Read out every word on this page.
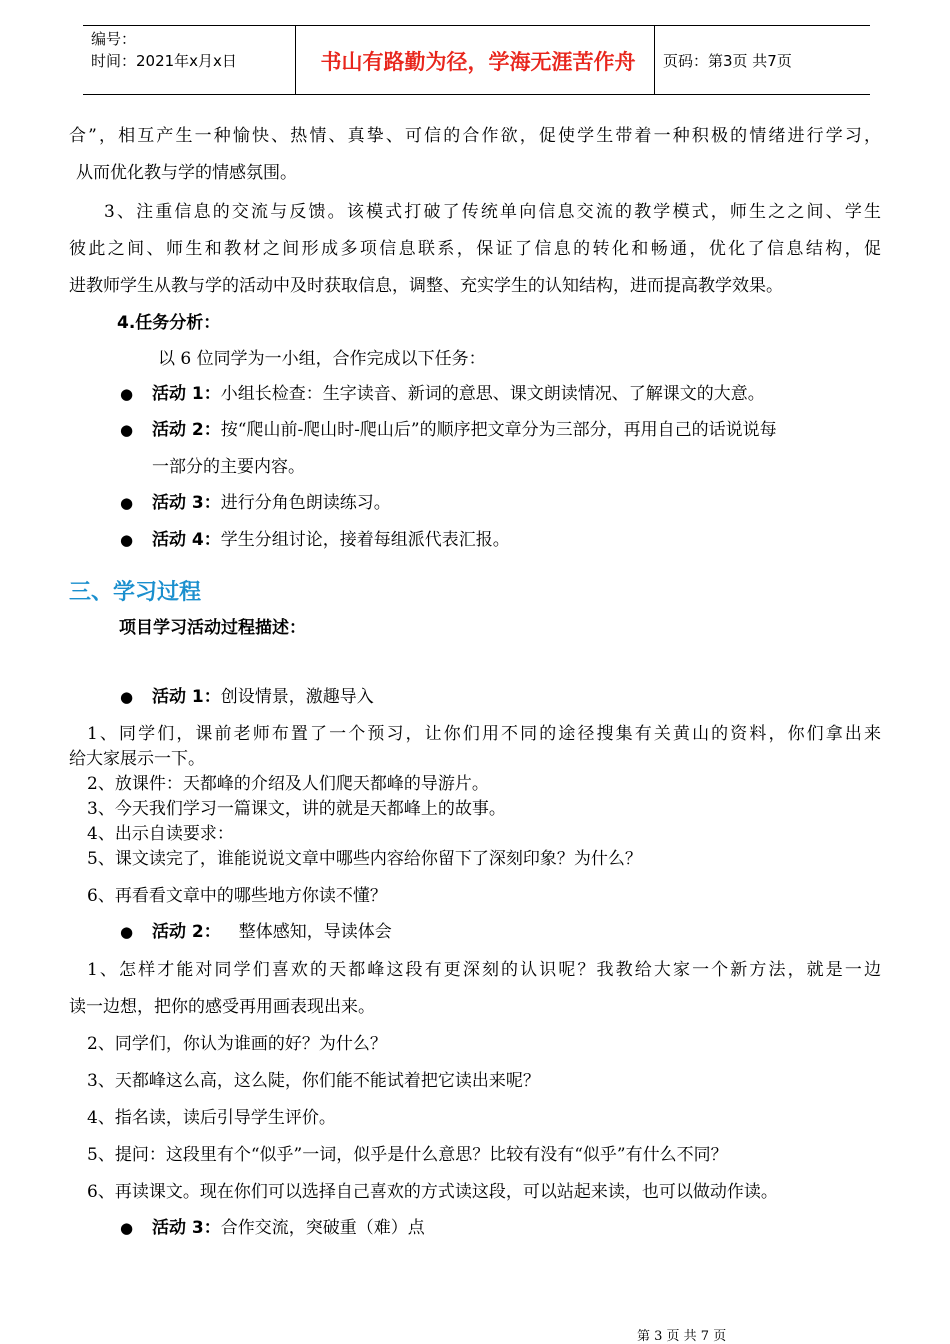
编号：
时间：2021年x月x日	书山有路勤为径，学海无涯苦作舟	页码：第3页 共7页
合”，相互产生一种愉快、热情、真挚、可信的合作欲，促使学生带着一种积极的情绪进行学习，
从而优化教与学的情感氛围。
3、注重信息的交流与反馈。该模式打破了传统单向信息交流的教学模式，师生之之间、学生
彼此之间、师生和教材之间形成多项信息联系，保证了信息的转化和畅通，优化了信息结构，促
进教师学生从教与学的活动中及时获取信息，调整、充实学生的认知结构，进而提高教学效果。
4.任务分析：
以 6 位同学为一小组，合作完成以下任务：
● 活动 1：小组长检查：生字读音、新词的意思、课文朗读情况、了解课文的大意。
● 活动 2：按“爬山前-爬山时-爬山后”的顺序把文章分为三部分，再用自己的话说说每
一部分的主要内容。
● 活动 3：进行分角色朗读练习。
● 活动 4：学生分组讨论，接着每组派代表汇报。
三、学习过程
项目学习活动过程描述：
● 活动 1：创设情景，激趣导入
1、同学们，课前老师布置了一个预习，让你们用不同的途径搜集有关黄山的资料，你们拿出来
给大家展示一下。
2、放课件：天都峰的介绍及人们爬天都峰的导游片。
3、今天我们学习一篇课文，讲的就是天都峰上的故事。
4、出示自读要求：
5、课文读完了，谁能说说文章中哪些内容给你留下了深刻印象？为什么？
6、再看看文章中的哪些地方你读不懂？
● 活动 2： 整体感知，导读体会
1、怎样才能对同学们喜欢的天都峰这段有更深刻的认识呢？我教给大家一个新方法，就是一边
读一边想，把你的感受再用画表现出来。
2、同学们，你认为谁画的好？为什么？
3、天都峰这么高，这么陡，你们能不能试着把它读出来呢？
4、指名读，读后引导学生评价。
5、提问：这段里有个“似乎”一词，似乎是什么意思？比较有没有“似乎”有什么不同？
6、再读课文。现在你们可以选择自己喜欢的方式读这段，可以站起来读，也可以做动作读。
● 活动 3：合作交流，突破重（难）点
第 3 页 共 7 页
